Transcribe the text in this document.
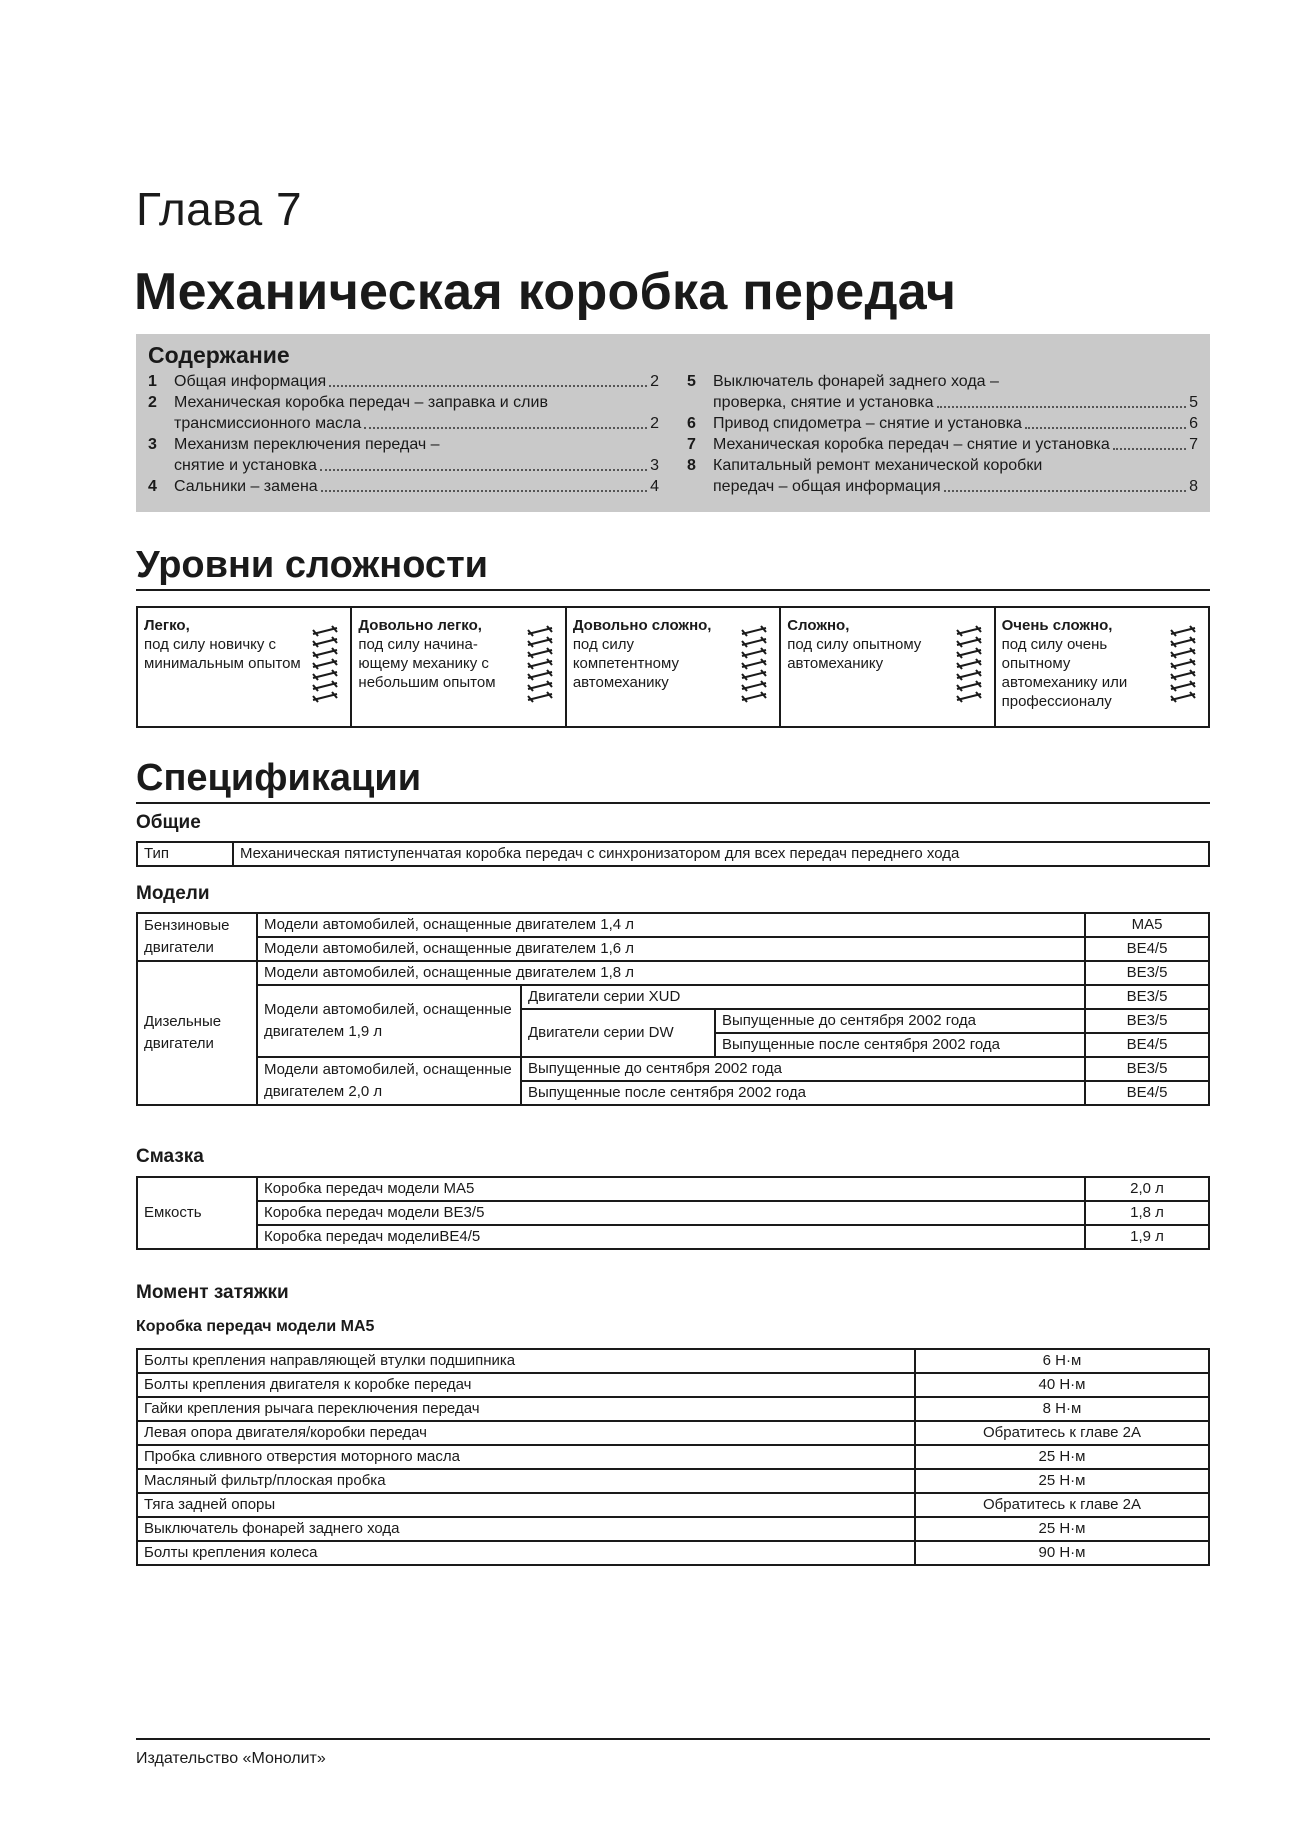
Глава 7
Механическая коробка передач
Содержание
1	Общая информация	2
2	Механическая коробка передач – заправка и слив
трансмиссионного масла	2
3	Механизм переключения передач –
снятие и установка	3
4	Сальники – замена	4
5	Выключатель фонарей заднего хода –
проверка, снятие и установка	5
6	Привод спидометра – снятие и установка	6
7	Механическая коробка передач – снятие и установка	7
8	Капитальный ремонт механической коробки
передач – общая информация	8
Уровни сложности
Легко,
под силу новичку с минимальным опытом
Довольно легко,
под силу начина-ющему механику с небольшим опытом
Довольно сложно,
под силу компетентному автомеханику
Сложно,
под силу опытному автомеханику
Очень сложно,
под силу очень опытному автомеханику или профессионалу
Спецификации
Общие
Тип	Механическая пятиступенчатая коробка передач с синхронизатором для всех передач переднего хода
Модели
Бензиновые двигатели	Модели автомобилей, оснащенные двигателем 1,4 л			MA5
	Модели автомобилей, оснащенные двигателем 1,6 л			BE4/5
Дизельные двигатели	Модели автомобилей, оснащенные двигателем 1,8 л			BE3/5
	Модели автомобилей, оснащенные двигателем 1,9 л	Двигатели серии XUD		BE3/5
		Двигатели серии DW	Выпущенные до сентября 2002 года	BE3/5
			Выпущенные после сентября 2002 года	BE4/5
	Модели автомобилей, оснащенные двигателем 2,0 л	Выпущенные до сентября 2002 года		BE3/5
		Выпущенные после сентября 2002 года		BE4/5
Смазка
Емкость	Коробка передач модели MA5	2,0 л
	Коробка передач модели BE3/5	1,8 л
	Коробка передач моделиBE4/5	1,9 л
Момент затяжки
Коробка передач модели MA5
Болты крепления направляющей втулки подшипника	6 Н·м
Болты крепления двигателя к коробке передач	40 Н·м
Гайки крепления рычага переключения передач	8 Н·м
Левая опора двигателя/коробки передач	Обратитесь к главе 2А
Пробка сливного отверстия моторного масла	25 Н·м
Масляный фильтр/плоская пробка	25 Н·м
Тяга задней опоры	Обратитесь к главе 2А
Выключатель фонарей заднего хода	25 Н·м
Болты крепления колеса	90 Н·м
Издательство «Монолит»
